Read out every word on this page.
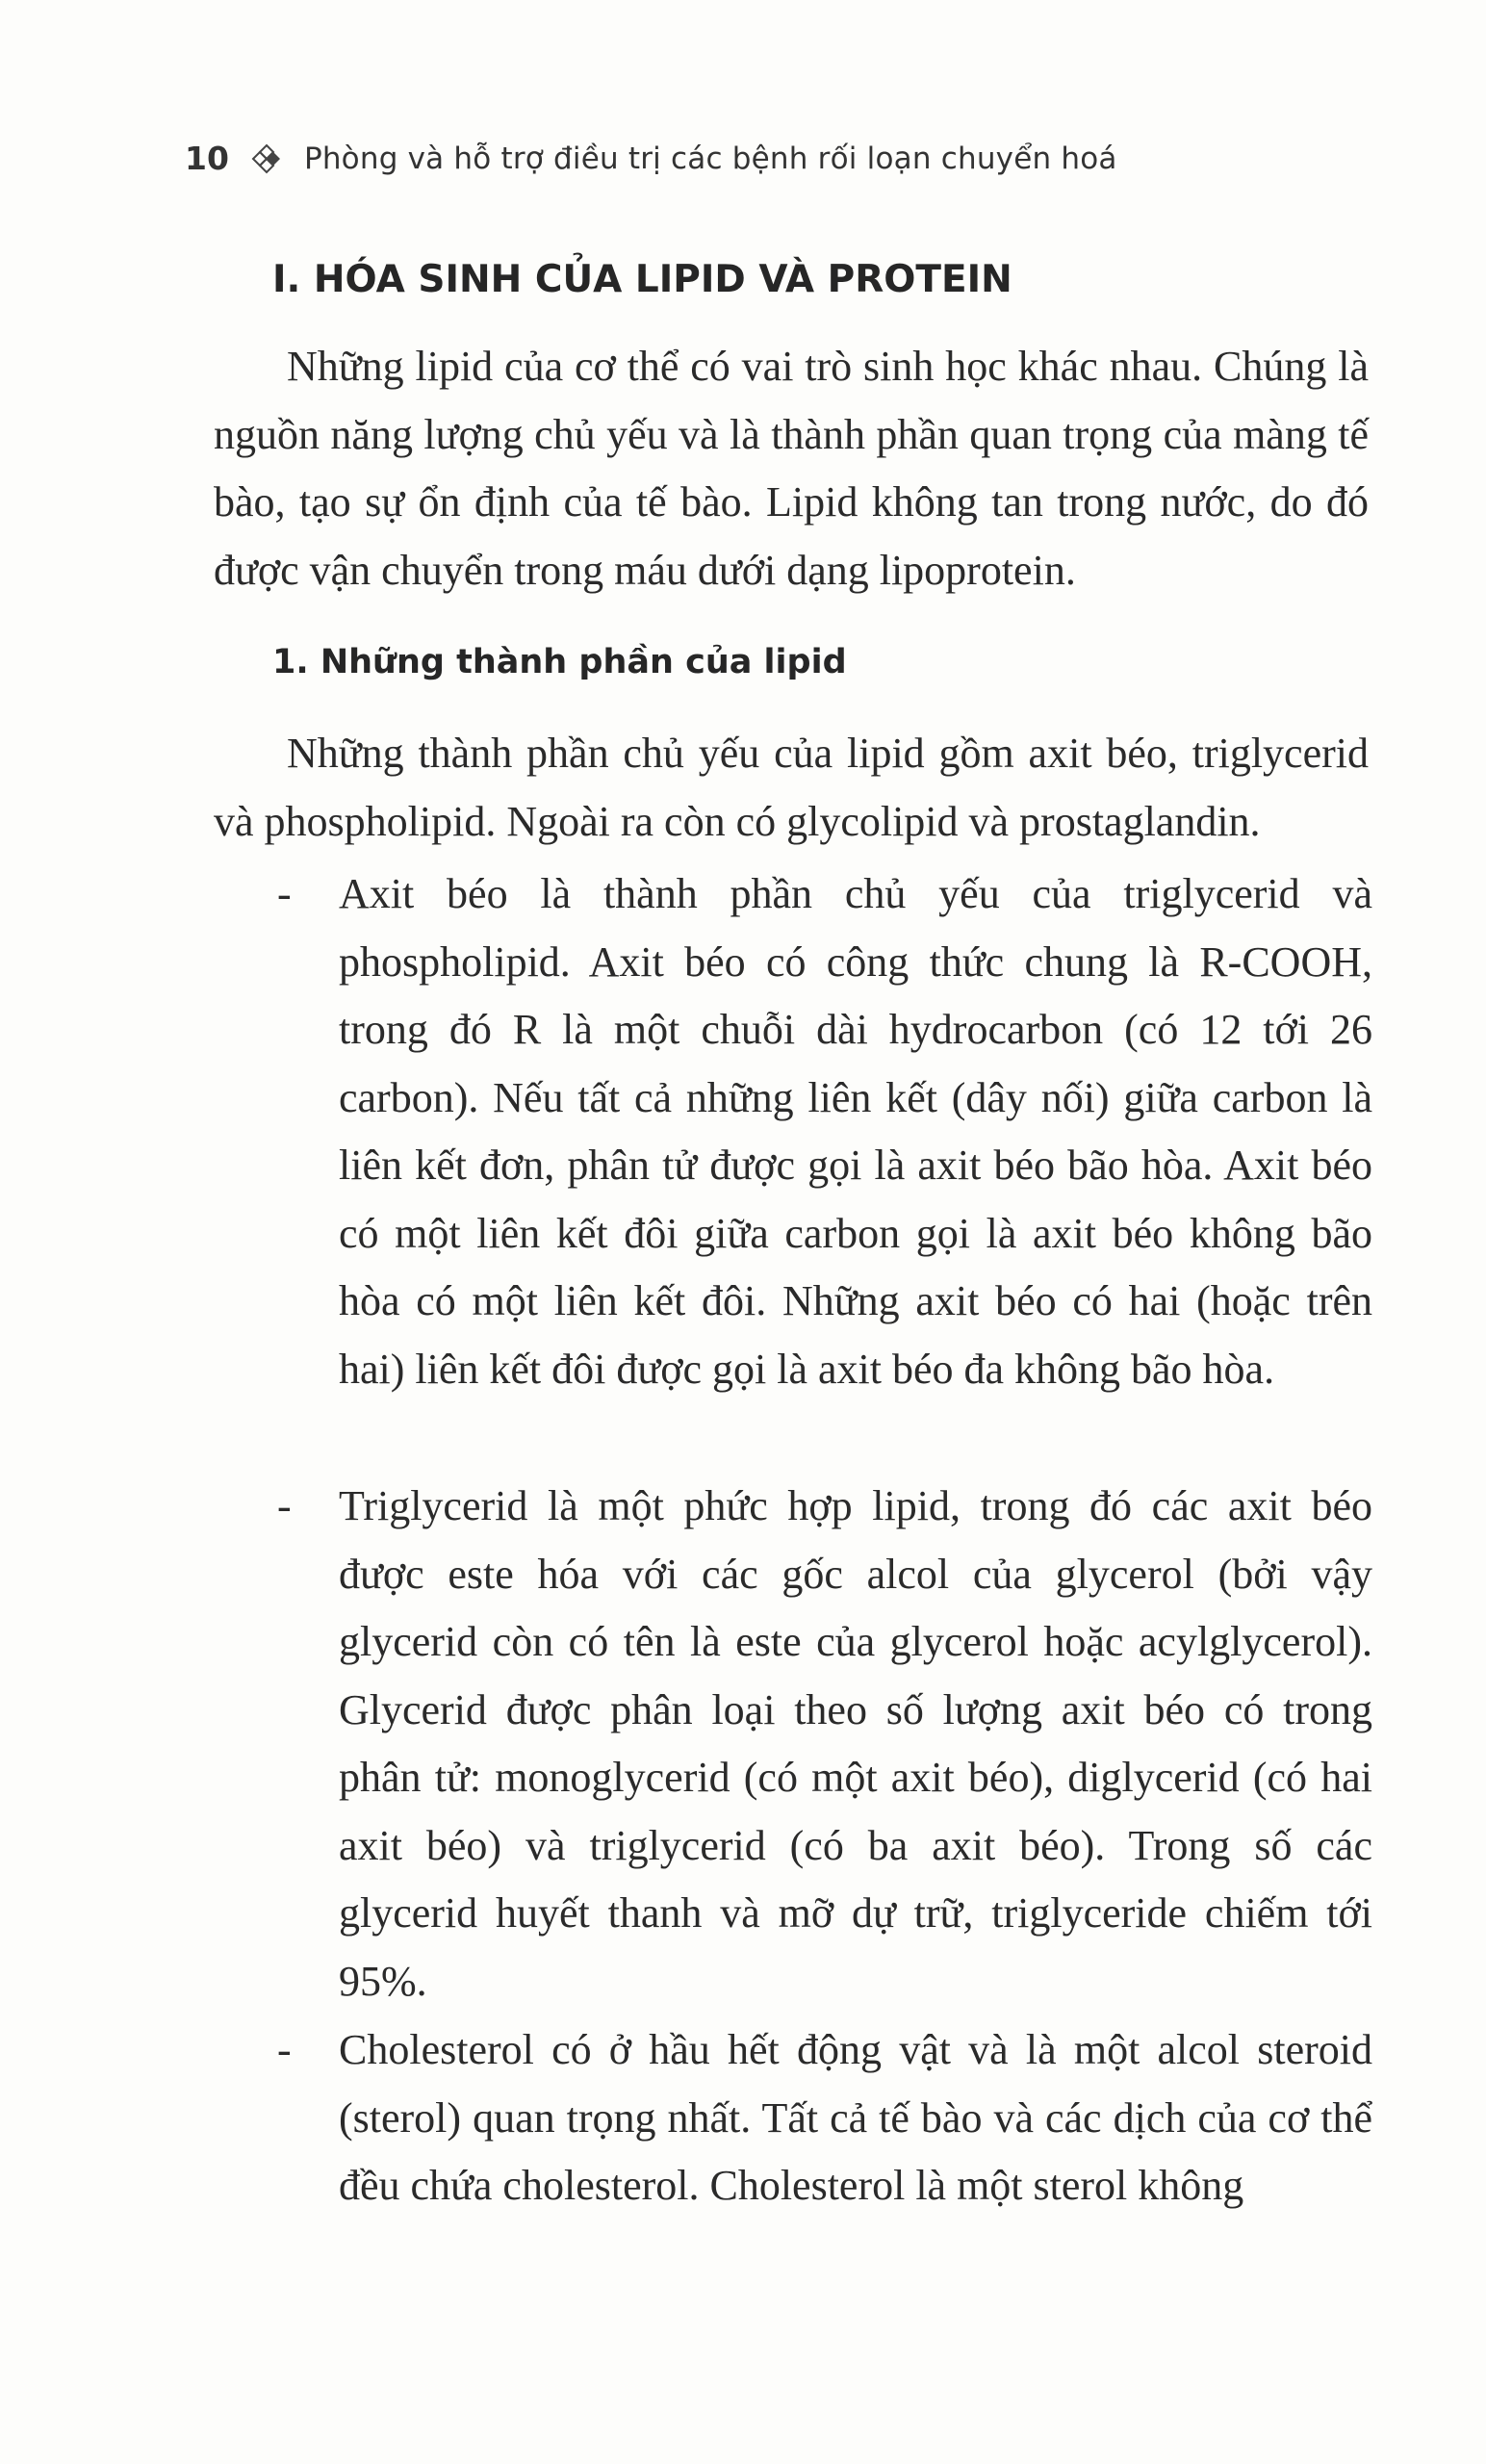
10	Phòng và hỗ trợ điều trị các bệnh rối loạn chuyển hoá
I. HÓA SINH CỦA LIPID VÀ PROTEIN

Những lipid của cơ thể có vai trò sinh học khác nhau. Chúng là nguồn năng lượng chủ yếu và là thành phần quan trọng của màng tế bào, tạo sự ổn định của tế bào. Lipid không tan trong nước, do đó được vận chuyển trong máu dưới dạng lipoprotein.

1. Những thành phần của lipid

Những thành phần chủ yếu của lipid gồm axit béo, triglycerid và phospholipid. Ngoài ra còn có glycolipid và prostaglandin.

- Axit béo là thành phần chủ yếu của triglycerid và phospholipid. Axit béo có công thức chung là R-COOH, trong đó R là một chuỗi dài hydrocarbon (có 12 tới 26 carbon). Nếu tất cả những liên kết (dây nối) giữa carbon là liên kết đơn, phân tử được gọi là axit béo bão hòa. Axit béo có một liên kết đôi giữa carbon gọi là axit béo không bão hòa có một liên kết đôi. Những axit béo có hai (hoặc trên hai) liên kết đôi được gọi là axit béo đa không bão hòa.

- Triglycerid là một phức hợp lipid, trong đó các axit béo được este hóa với các gốc alcol của glycerol (bởi vậy glycerid còn có tên là este của glycerol hoặc acylglycerol). Glycerid được phân loại theo số lượng axit béo có trong phân tử: monoglycerid (có một axit béo), diglycerid (có hai axit béo) và triglycerid (có ba axit béo). Trong số các glycerid huyết thanh và mỡ dự trữ, triglyceride chiếm tới 95%.

- Cholesterol có ở hầu hết động vật và là một alcol steroid (sterol) quan trọng nhất. Tất cả tế bào và các dịch của cơ thể đều chứa cholesterol. Cholesterol là một sterol không
